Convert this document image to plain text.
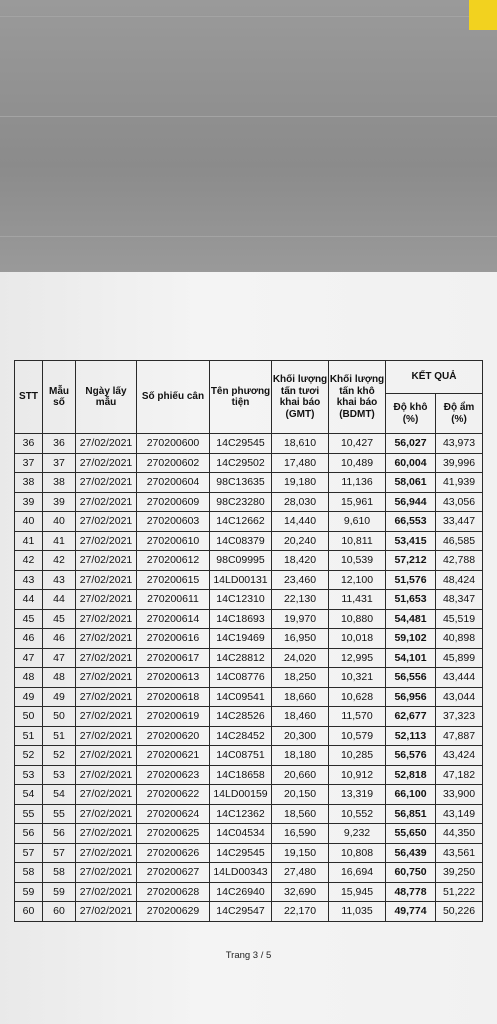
STT	Mẫu số	Ngày lấy mẫu	Số phiếu cân	Tên phương tiện	Khối lượng tấn tươi khai báo (GMT)	Khối lượng tấn khô khai báo (BDMT)	KẾT QUẢ	
							Độ khô (%)	Độ ẩm (%)
36	36	27/02/2021	270200600	14C29545	18,610	10,427	56,027	43,973
37	37	27/02/2021	270200602	14C29502	17,480	10,489	60,004	39,996
38	38	27/02/2021	270200604	98C13635	19,180	11,136	58,061	41,939
39	39	27/02/2021	270200609	98C23280	28,030	15,961	56,944	43,056
40	40	27/02/2021	270200603	14C12662	14,440	9,610	66,553	33,447
41	41	27/02/2021	270200610	14C08379	20,240	10,811	53,415	46,585
42	42	27/02/2021	270200612	98C09995	18,420	10,539	57,212	42,788
43	43	27/02/2021	270200615	14LD00131	23,460	12,100	51,576	48,424
44	44	27/02/2021	270200611	14C12310	22,130	11,431	51,653	48,347
45	45	27/02/2021	270200614	14C18693	19,970	10,880	54,481	45,519
46	46	27/02/2021	270200616	14C19469	16,950	10,018	59,102	40,898
47	47	27/02/2021	270200617	14C28812	24,020	12,995	54,101	45,899
48	48	27/02/2021	270200613	14C08776	18,250	10,321	56,556	43,444
49	49	27/02/2021	270200618	14C09541	18,660	10,628	56,956	43,044
50	50	27/02/2021	270200619	14C28526	18,460	11,570	62,677	37,323
51	51	27/02/2021	270200620	14C28452	20,300	10,579	52,113	47,887
52	52	27/02/2021	270200621	14C08751	18,180	10,285	56,576	43,424
53	53	27/02/2021	270200623	14C18658	20,660	10,912	52,818	47,182
54	54	27/02/2021	270200622	14LD00159	20,150	13,319	66,100	33,900
55	55	27/02/2021	270200624	14C12362	18,560	10,552	56,851	43,149
56	56	27/02/2021	270200625	14C04534	16,590	9,232	55,650	44,350
57	57	27/02/2021	270200626	14C29545	19,150	10,808	56,439	43,561
58	58	27/02/2021	270200627	14LD00343	27,480	16,694	60,750	39,250
59	59	27/02/2021	270200628	14C26940	32,690	15,945	48,778	51,222
60	60	27/02/2021	270200629	14C29547	22,170	11,035	49,774	50,226
Trang 3 / 5
